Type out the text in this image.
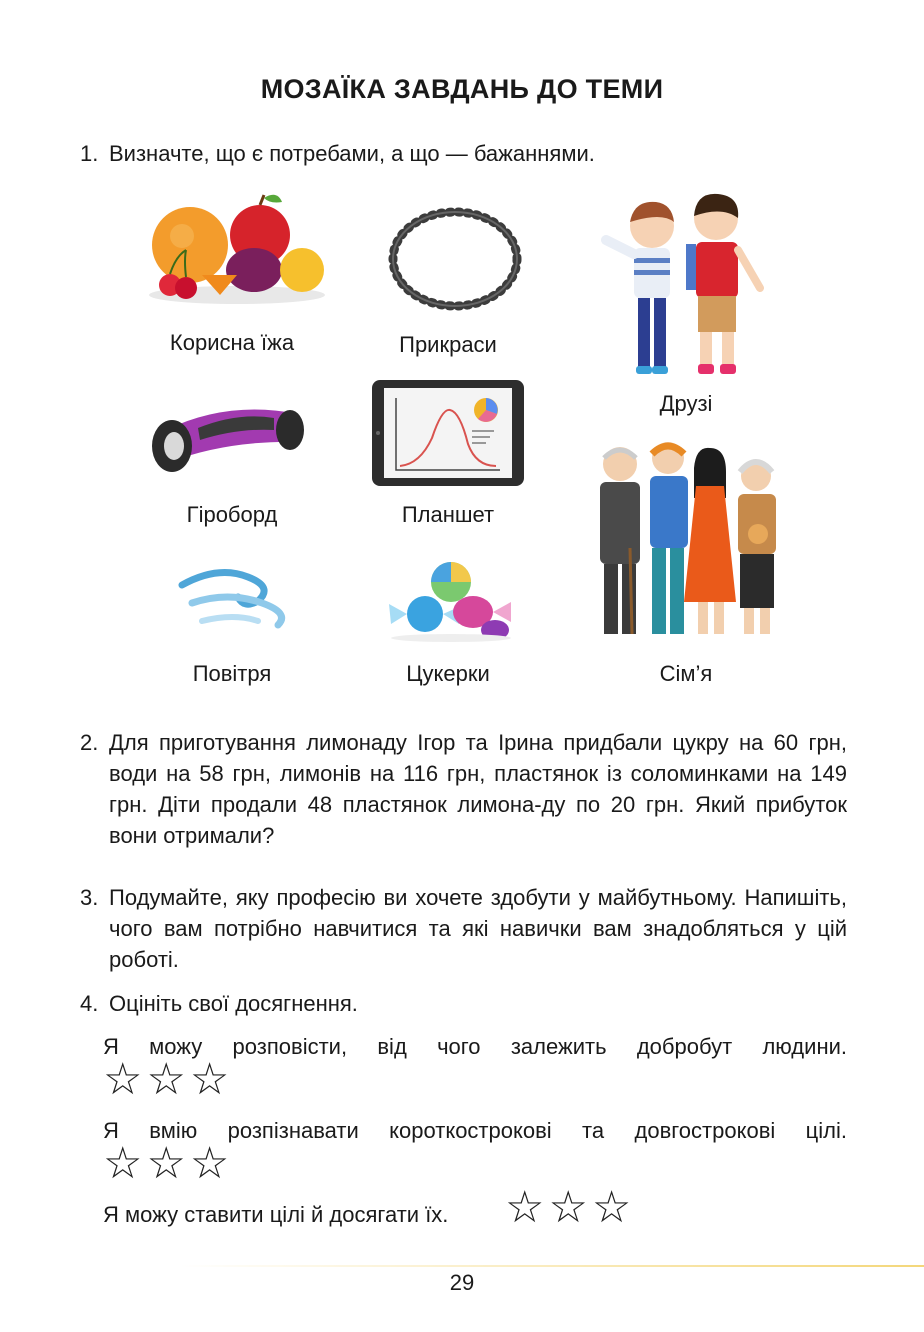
МОЗАЇКА ЗАВДАНЬ ДО ТЕМИ
1. Визначте, що є потребами, а що — бажаннями.
Корисна їжа	Прикраси
Друзі
Гіроборд	Планшет
Сім’я
Повітря	Цукерки
2. Для приготування лимонаду Ігор та Ірина придбали цукру на 60 грн, води на 58 грн, лимонів на 116 грн, пластянок із соломинками на 149 грн. Діти продали 48 пластянок лимона-ду по 20 грн. Який прибуток вони отримали?
3. Подумайте, яку професію ви хочете здобути у майбутньому. Напишіть, чого вам потрібно навчитися та які навички вам знадобляться у цій роботі.
4. Оцініть свої досягнення.
Я можу розповісти, від чого залежить добробут людини.
☆☆☆
Я вмію розпізнавати короткострокові та довгострокові цілі.
☆☆☆
Я можу ставити цілі й досягати їх. ☆☆☆
29
